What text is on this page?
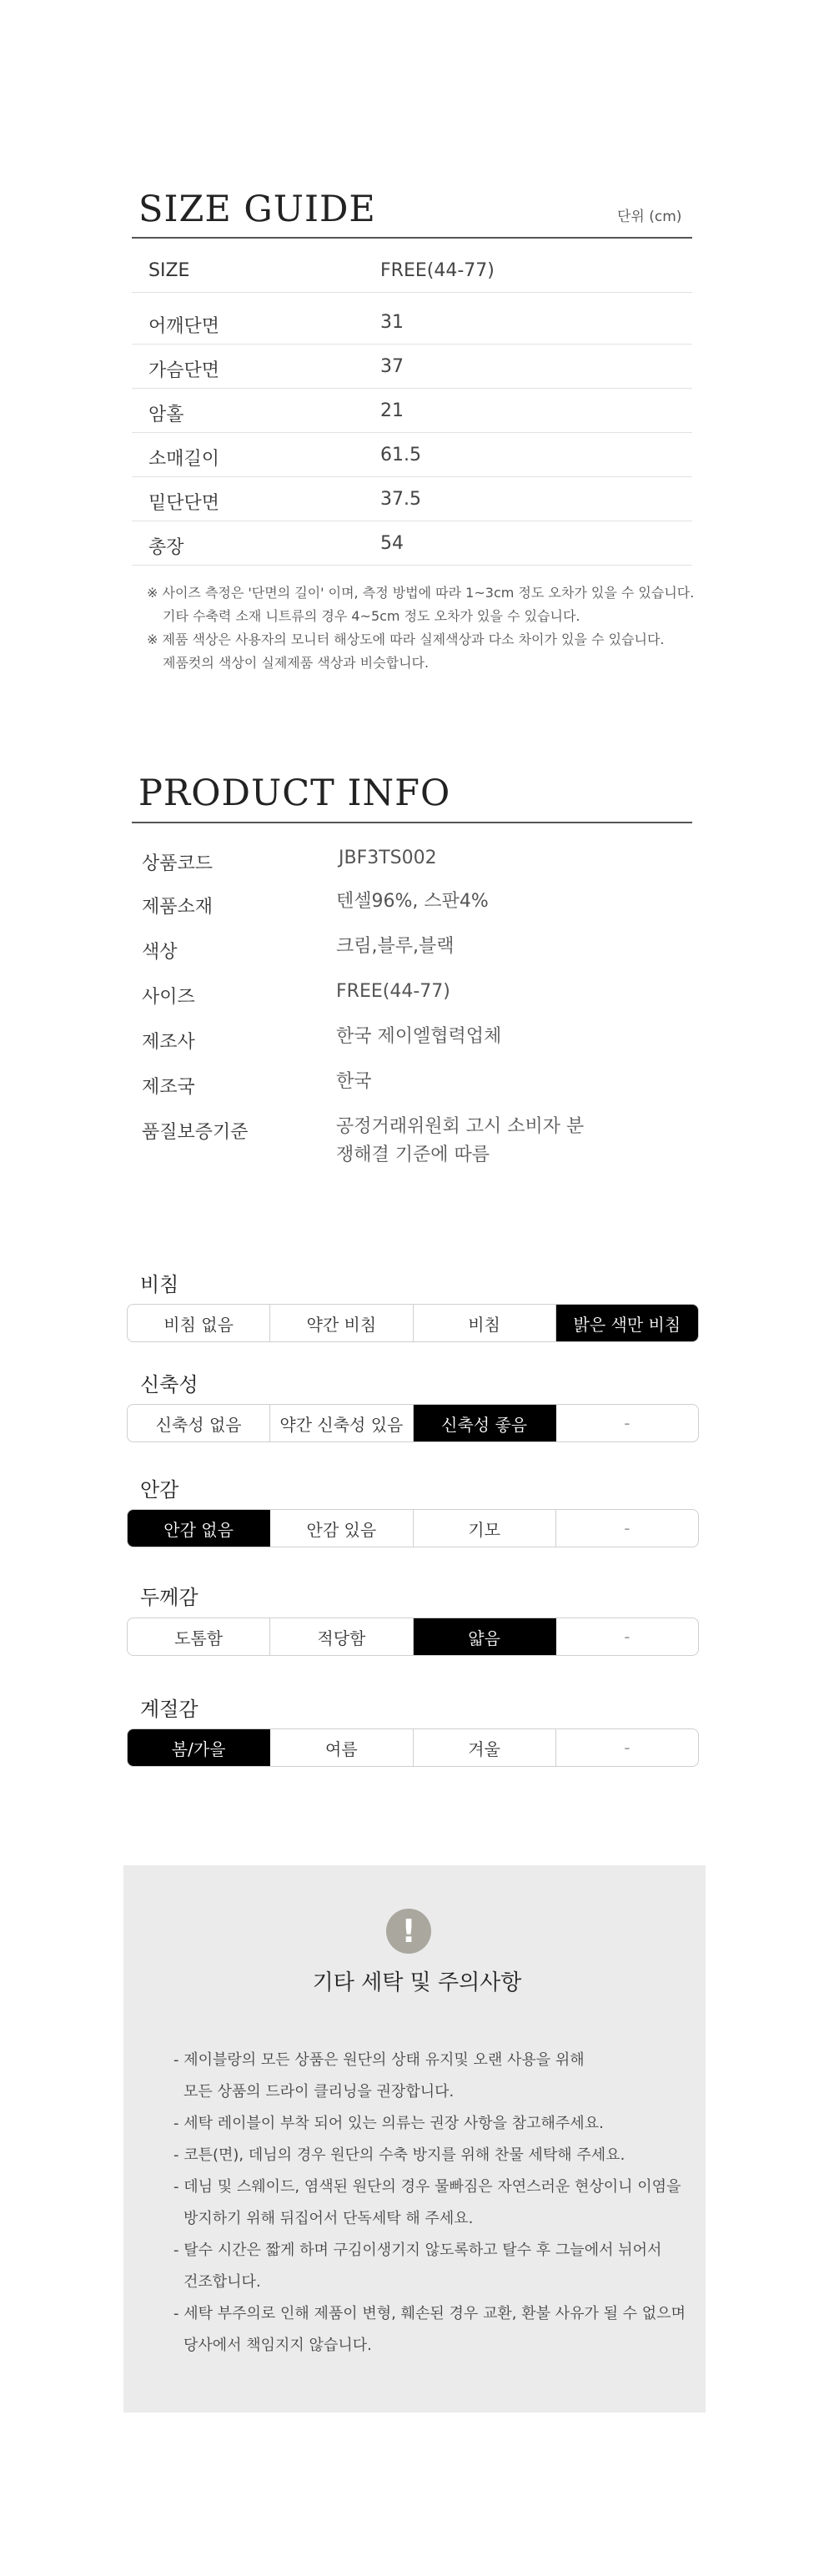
SIZE GUIDE	단위 (cm)
SIZE	FREE(44-77)
어깨단면	31
가슴단면	37
암홀	21
소매길이	61.5
밑단단면	37.5
총장	54
※ 사이즈 측정은 '단면의 길이' 이며, 측정 방법에 따라 1~3cm 정도 오차가 있을 수 있습니다.
기타 수축력 소재 니트류의 경우 4~5cm 정도 오차가 있을 수 있습니다.
※ 제품 색상은 사용자의 모니터 해상도에 따라 실제색상과 다소 차이가 있을 수 있습니다.
제품컷의 색상이 실제제품 색상과 비슷합니다.
PRODUCT INFO
상품코드	JBF3TS002
제품소재	텐셀96%, 스판4%
색상	크림,블루,블랙
사이즈	FREE(44-77)
제조사	한국 제이엘협력업체
제조국	한국
품질보증기준	공정거래위원회 고시 소비자 분쟁해결 기준에 따름
비침
비침 없음	약간 비침	비침	밝은 색만 비침
신축성
신축성 없음	약간 신축성 있음	신축성 좋음	-
안감
안감 없음	안감 있음	기모	-
두께감
도톰함	적당함	얇음	-
계절감
봄/가을	여름	겨울	-
!
기타 세탁 및 주의사항
- 제이블랑의 모든 상품은 원단의 상태 유지및 오랜 사용을 위해
모든 상품의 드라이 클리닝을 권장합니다.
- 세탁 레이블이 부착 되어 있는 의류는 권장 사항을 참고해주세요.
- 코튼(면), 데님의 경우 원단의 수축 방지를 위해 찬물 세탁해 주세요.
- 데님 및 스웨이드, 염색된 원단의 경우 물빠짐은 자연스러운 현상이니 이염을
방지하기 위해 뒤집어서 단독세탁 해 주세요.
- 탈수 시간은 짧게 하며 구김이생기지 않도록하고 탈수 후 그늘에서 뉘어서
건조합니다.
- 세탁 부주의로 인해 제품이 변형, 훼손된 경우 교환, 환불 사유가 될 수 없으며
당사에서 책임지지 않습니다.
